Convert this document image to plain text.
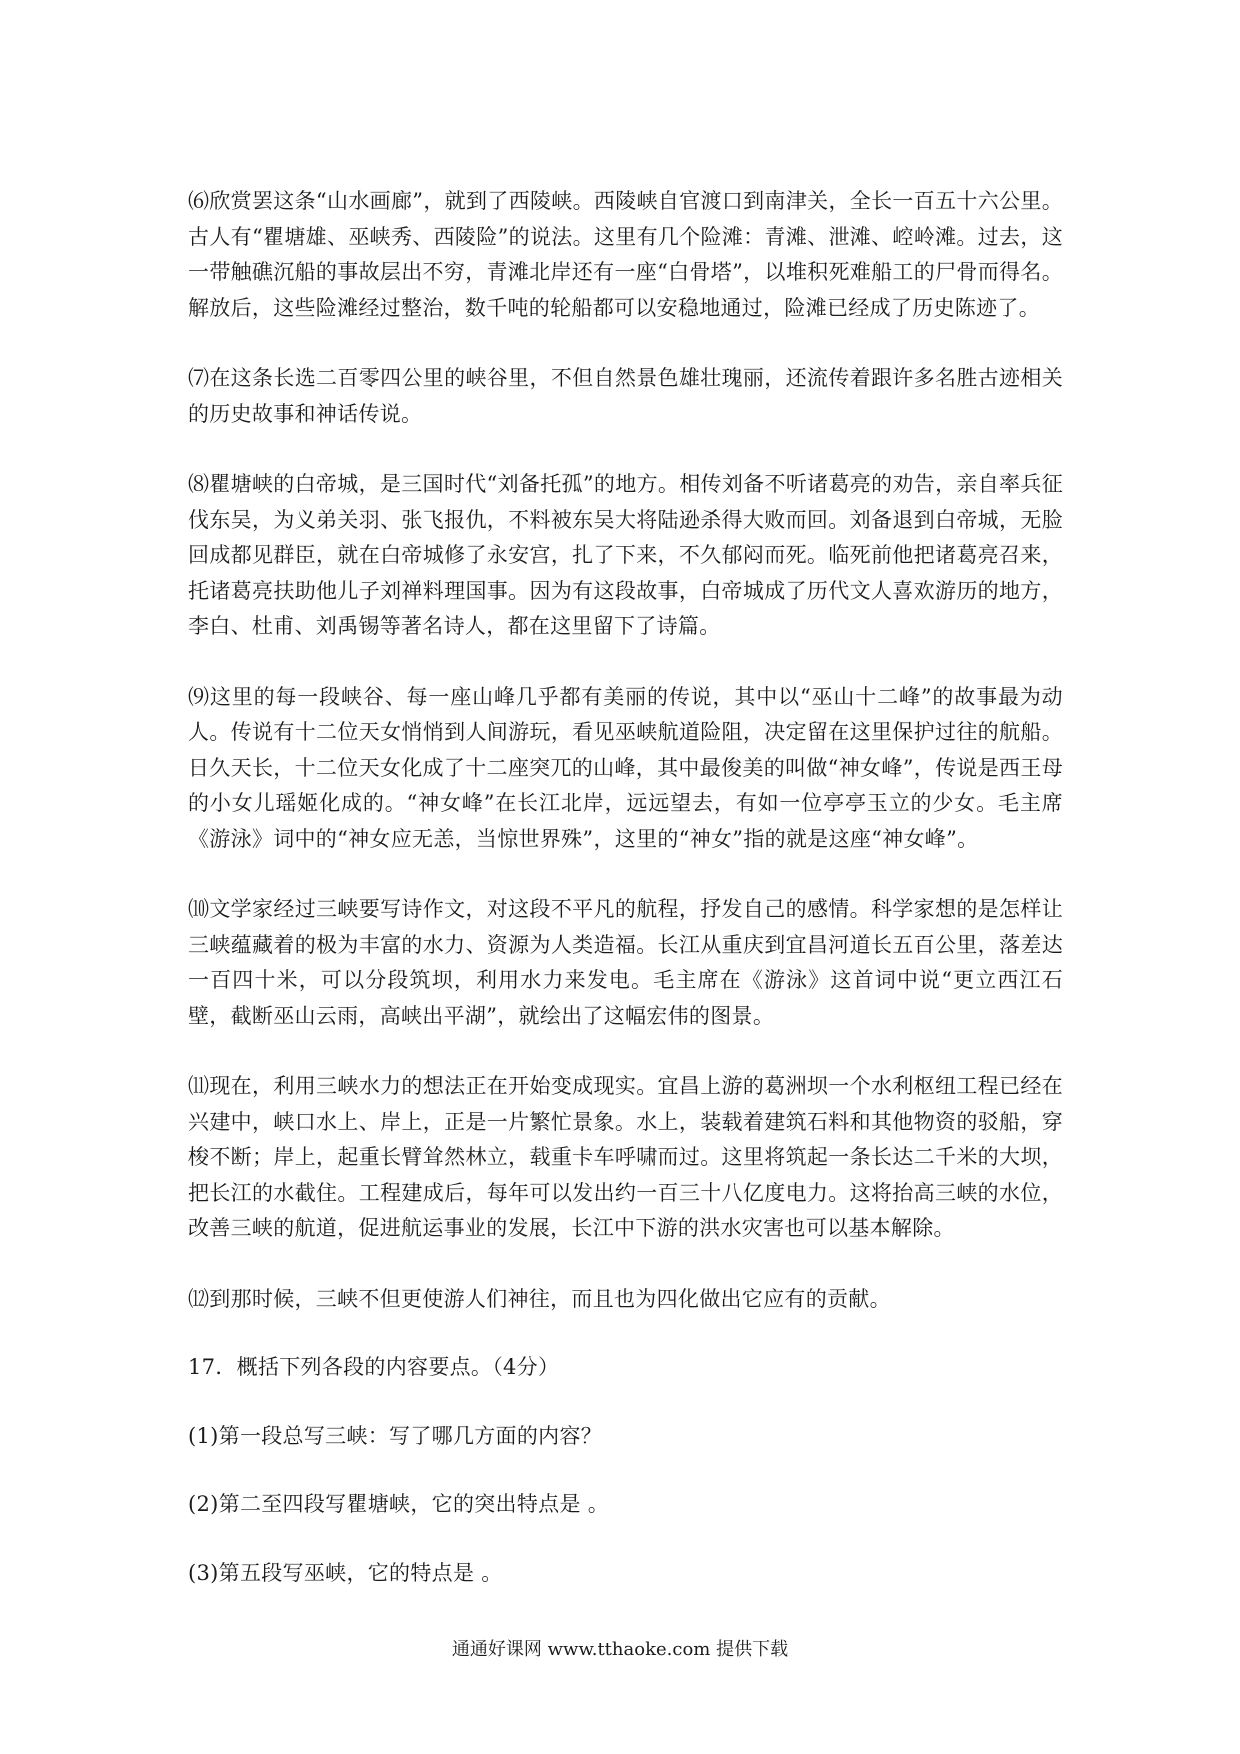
⑹欣赏罢这条“山水画廊”，就到了西陵峡。西陵峡自官渡口到南津关，全长一百五十六公里。古人有“瞿塘雄、巫峡秀、西陵险”的说法。这里有几个险滩：青滩、泄滩、崆岭滩。过去，这一带触礁沉船的事故层出不穷，青滩北岸还有一座“白骨塔”，以堆积死难船工的尸骨而得名。解放后，这些险滩经过整治，数千吨的轮船都可以安稳地通过，险滩已经成了历史陈迹了。

⑺在这条长选二百零四公里的峡谷里，不但自然景色雄壮瑰丽，还流传着跟许多名胜古迹相关的历史故事和神话传说。

⑻瞿塘峡的白帝城，是三国时代“刘备托孤”的地方。相传刘备不听诸葛亮的劝告，亲自率兵征伐东吴，为义弟关羽、张飞报仇，不料被东吴大将陆逊杀得大败而回。刘备退到白帝城，无脸回成都见群臣，就在白帝城修了永安宫，扎了下来，不久郁闷而死。临死前他把诸葛亮召来，托诸葛亮扶助他儿子刘禅料理国事。因为有这段故事，白帝城成了历代文人喜欢游历的地方，李白、杜甫、刘禹锡等著名诗人，都在这里留下了诗篇。

⑼这里的每一段峡谷、每一座山峰几乎都有美丽的传说，其中以“巫山十二峰”的故事最为动人。传说有十二位天女悄悄到人间游玩，看见巫峡航道险阻，决定留在这里保护过往的航船。日久天长，十二位天女化成了十二座突兀的山峰，其中最俊美的叫做“神女峰”，传说是西王母的小女儿瑶姬化成的。“神女峰”在长江北岸，远远望去，有如一位亭亭玉立的少女。毛主席《游泳》词中的“神女应无恙，当惊世界殊”，这里的“神女”指的就是这座“神女峰”。

⑽文学家经过三峡要写诗作文，对这段不平凡的航程，抒发自己的感情。科学家想的是怎样让三峡蕴藏着的极为丰富的水力、资源为人类造福。长江从重庆到宜昌河道长五百公里，落差达一百四十米，可以分段筑坝，利用水力来发电。毛主席在《游泳》这首词中说“更立西江石壁，截断巫山云雨，高峡出平湖”，就绘出了这幅宏伟的图景。

⑾现在，利用三峡水力的想法正在开始变成现实。宜昌上游的葛洲坝一个水利枢纽工程已经在兴建中，峡口水上、岸上，正是一片繁忙景象。水上，装载着建筑石料和其他物资的驳船，穿梭不断；岸上，起重长臂耸然林立，载重卡车呼啸而过。这里将筑起一条长达二千米的大坝，把长江的水截住。工程建成后，每年可以发出约一百三十八亿度电力。这将抬高三峡的水位，改善三峡的航道，促进航运事业的发展，长江中下游的洪水灾害也可以基本解除。

⑿到那时候，三峡不但更使游人们神往，而且也为四化做出它应有的贡献。

17．概括下列各段的内容要点。（4分）

(1)第一段总写三峡：写了哪几方面的内容？

(2)第二至四段写瞿塘峡，它的突出特点是 。

(3)第五段写巫峡，它的特点是 。

通通好课网 www.tthaoke.com 提供下载
